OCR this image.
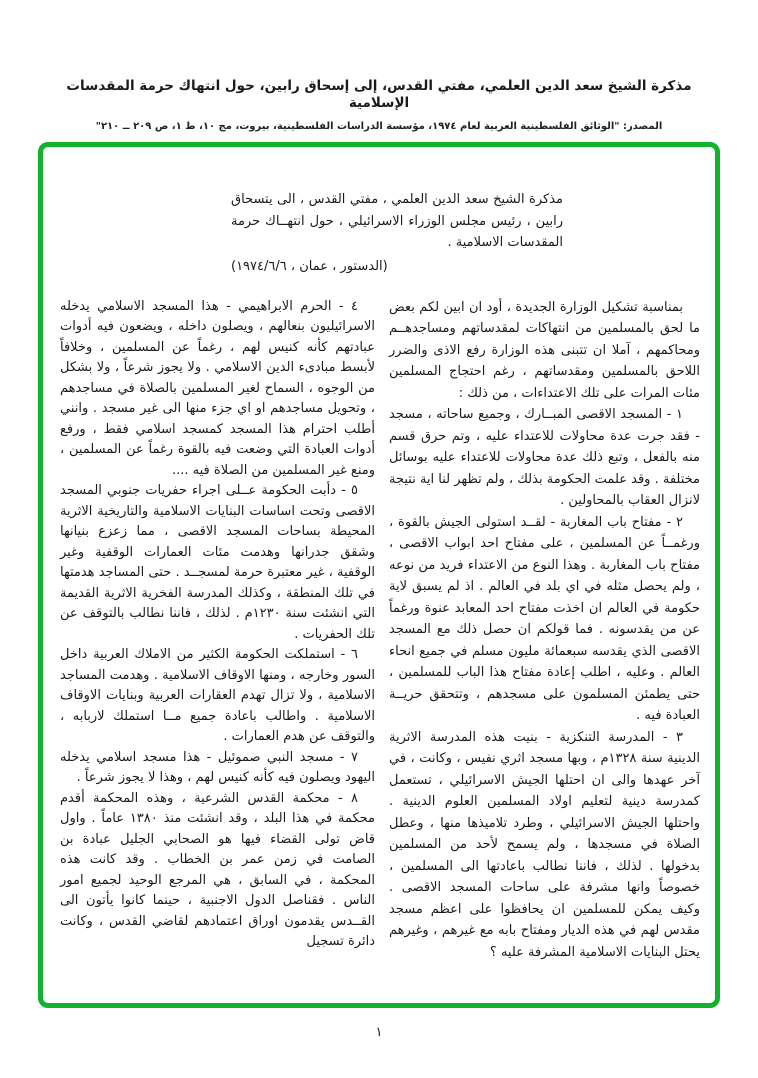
مذكرة الشيخ سعد الدين العلمي، مفتي القدس، إلى إسحاق رابين، حول انتهاك حرمة المقدسات الإسلامية
المصدر: "الوثائق الفلسطينية العربية لعام ١٩٧٤، مؤسسة الدراسات الفلسطينية، بيروت، مج ١٠، ط ١، ص ٢٠٩ ــ ٢١٠"
مذكرة الشيخ سعد الدين العلمي ، مفتي القدس ، الى يتسحاق رابين ، رئيس مجلس الوزراء الاسرائيلي ، حول انتهــاك حرمة المقدسات الاسلامية .
(الدستور ، عمان ، ١٩٧٤/٦/٦)

بمناسبة تشكيل الوزارة الجديدة ، أود ان ابين لكم بعض ما لحق بالمسلمين من انتهاكات لمقدساتهم ومساجدهــم ومحاكمهم ، آملا ان تتبنى هذه الوزارة رفع الاذى والضرر اللاحق بالمسلمين ومقدساتهم ، رغم احتجاج المسلمين مئات المرات على تلك الاعتداءات ، من ذلك :

١ - المسجد الاقصى المبــارك ، وجميع ساحاته ، مسجد - فقد جرت عدة محاولات للاعتداء عليه ، وتم حرق قسم منه بالفعل ، وتبع ذلك عدة محاولات للاعتداء عليه بوسائل مختلفة . وقد علمت الحكومة بذلك ، ولم تظهر لنا اية نتيجة لانزال العقاب بالمحاولين .

٢ - مفتاح باب المغاربة - لقــد استولى الجيش بالقوة ، ورغمــاً عن المسلمين ، على مفتاح احد ابواب الاقصى ، مفتاح باب المغاربة . وهذا النوع من الاعتداء فريد من نوعه ، ولم يحصل مثله في اي بلد في العالم . اذ لم يسبق لاية حكومة في العالم ان اخذت مفتاح احد المعابد عنوة ورغماً عن من يقدسونه . فما قولكم ان حصل ذلك مع المسجد الاقصى الذي يقدسه سبعمائة مليون مسلم في جميع انحاء العالم . وعليه ، اطلب إعادة مفتاح هذا الباب للمسلمين ، حتى يطمئن المسلمون على مسجدهم ، وتتحقق حريــة العبادة فيه .

٣ - المدرسة التنكزية - بنيت هذه المدرسة الاثرية الدينية سنة ١٣٢٨م ، وبها مسجد اثري نفيس ، وكانت ، في آخر عهدها والى ان احتلها الجيش الاسرائيلي ، تستعمل كمدرسة دينية لتعليم اولاد المسلمين العلوم الدينية . واحتلها الجيش الاسرائيلي ، وطرد تلاميذها منها ، وعطل الصلاة في مسجدها ، ولم يسمح لأحد من المسلمين بدخولها . لذلك ، فاننا نطالب باعادتها الى المسلمين ، خصوصاً وانها مشرفة على ساحات المسجد الاقصى . وكيف يمكن للمسلمين ان يحافظوا على اعظم مسجد مقدس لهم في هذه الديار ومفتاح بابه مع غيرهم ، وغيرهم يحتل البنايات الاسلامية المشرفة عليه ؟

٤ - الحرم الابراهيمي - هذا المسجد الاسلامي يدخله الاسرائيليون بنعالهم ، ويصلون داخله ، ويضعون فيه أدوات عبادتهم كأنه كنيس لهم ، رغماً عن المسلمين ، وخلافاً لأبسط مبادىء الدين الاسلامي . ولا يجوز شرعاً ، ولا بشكل من الوجوه ، السماح لغير المسلمين بالصلاة في مساجدهم ، وتحويل مساجدهم او اي جزء منها الى غير مسجد . وانني أطلب احترام هذا المسجد كمسجد اسلامي فقط ، ورفع أدوات العبادة التي وضعت فيه بالقوة رغماً عن المسلمين ، ومنع غير المسلمين من الصلاة فيه ....

٥ - دأبت الحكومة عــلى اجراء حفريات جنوبي المسجد الاقصى وتحت اساسات البنايات الاسلامية والتاريخية الاثرية المحيطة بساحات المسجد الاقصى ، مما زعزع بنيانها وشقق جدرانها وهدمت مئات العمارات الوقفية وغير الوقفية ، غير معتبرة حرمة لمسجــد . حتى المساجد هدمتها في تلك المنطقة ، وكذلك المدرسة الفخرية الاثرية القديمة التي انشئت سنة ١٢٣٠م . لذلك ، فاننا نطالب بالتوقف عن تلك الحفريات .

٦ - استملكت الحكومة الكثير من الاملاك العربية داخل السور وخارجه ، ومنها الاوقاف الاسلامية . وهدمت المساجد الاسلامية ، ولا تزال تهدم العقارات العربية وبنايات الاوقاف الاسلامية . واطالب باعادة جميع مــا استملك لاربابه ، والتوقف عن هدم العمارات .

٧ - مسجد النبي صموئيل - هذا مسجد اسلامي يدخله اليهود ويصلون فيه كأنه كنيس لهم ، وهذا لا يجوز شرعاً .

٨ - محكمة القدس الشرعية ، وهذه المحكمة أقدم محكمة في هذا البلد ، وقد انشئت منذ ١٣٨٠ عاماً . واول قاض تولى القضاء فيها هو الصحابي الجليل عبادة بن الصامت في زمن عمر بن الخطاب . وقد كانت هذه المحكمة ، في السابق ، هي المرجع الوحيد لجميع امور الناس . فقناصل الدول الاجنبية ، حينما كانوا يأتون الى القــدس يقدمون اوراق اعتمادهم لقاضي القدس ، وكانت دائرة تسجيل

١
